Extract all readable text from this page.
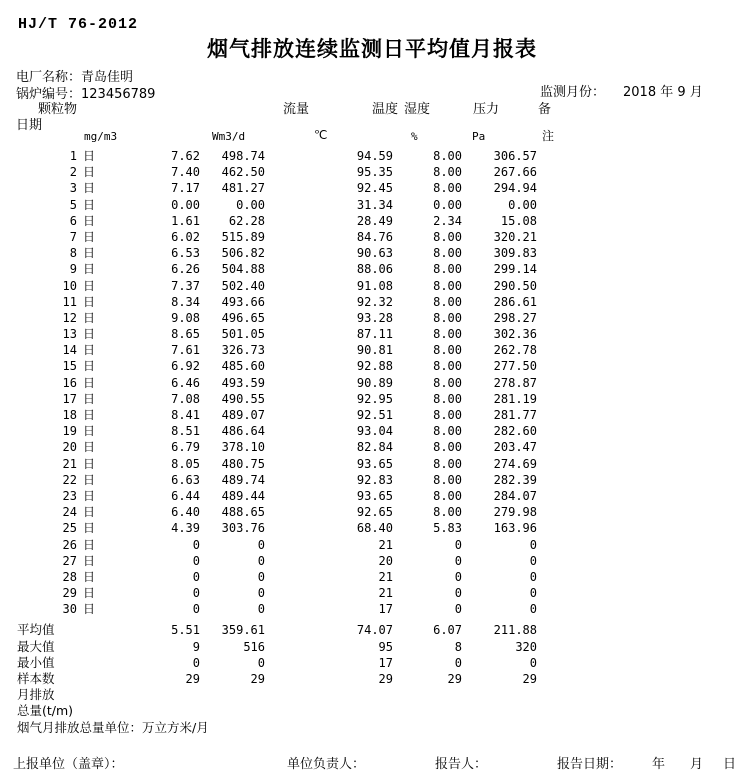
HJ/T 76-2012
烟气排放连续监测日平均值月报表
电厂名称：青岛佳明
锅炉编号：123456789	监测月份： 2018 年 9 月
颗粒物	流量	温度 湿度	压力	备
日期
mg/m3	Wm3/d	℃	%	Pa	注
1 日	7.62	498.74	94.59	8.00	306.57
2 日	7.40	462.50	95.35	8.00	267.66
3 日	7.17	481.27	92.45	8.00	294.94
5 日	0.00	0.00	31.34	0.00	0.00
6 日	1.61	62.28	28.49	2.34	15.08
7 日	6.02	515.89	84.76	8.00	320.21
8 日	6.53	506.82	90.63	8.00	309.83
9 日	6.26	504.88	88.06	8.00	299.14
10 日	7.37	502.40	91.08	8.00	290.50
11 日	8.34	493.66	92.32	8.00	286.61
12 日	9.08	496.65	93.28	8.00	298.27
13 日	8.65	501.05	87.11	8.00	302.36
14 日	7.61	326.73	90.81	8.00	262.78
15 日	6.92	485.60	92.88	8.00	277.50
16 日	6.46	493.59	90.89	8.00	278.87
17 日	7.08	490.55	92.95	8.00	281.19
18 日	8.41	489.07	92.51	8.00	281.77
19 日	8.51	486.64	93.04	8.00	282.60
20 日	6.79	378.10	82.84	8.00	203.47
21 日	8.05	480.75	93.65	8.00	274.69
22 日	6.63	489.74	92.83	8.00	282.39
23 日	6.44	489.44	93.65	8.00	284.07
24 日	6.40	488.65	92.65	8.00	279.98
25 日	4.39	303.76	68.40	5.83	163.96
26 日	0	0	21	0	0
27 日	0	0	20	0	0
28 日	0	0	21	0	0
29 日	0	0	21	0	0
30 日	0	0	17	0	0
平均值	5.51	359.61	74.07	6.07	211.88
最大值	9	516	95	8	320
最小值	0	0	17	0	0
样本数	29	29	29	29	29
月排放
总量(t/m)
烟气月排放总量单位：万立方米/月
上报单位（盖章）：	单位负责人：	报告人：	报告日期： 年 月 日
